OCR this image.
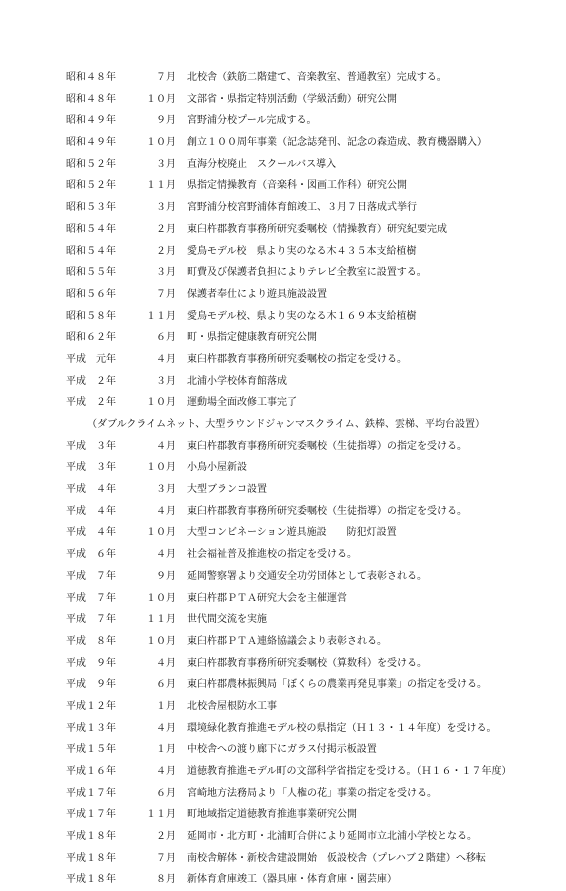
昭和４８年	７月 北校舎（鉄筋二階建て、音楽教室、普通教室）完成する。
昭和４８年	１０月 文部省・県指定特別活動（学級活動）研究公開
昭和４９年	９月 宮野浦分校プール完成する。
昭和４９年	１０月 創立１００周年事業（記念誌発刊、記念の森造成、教育機器購入）
昭和５２年	３月 直海分校廃止　スクールバス導入
昭和５２年	１１月 県指定情操教育（音楽科・図画工作科）研究公開
昭和５３年	３月 宮野浦分校宮野浦体育館竣工、３月７日落成式挙行
昭和５４年	２月 東臼杵郡教育事務所研究委嘱校（情操教育）研究紀要完成
昭和５４年	２月 愛鳥モデル校　県より実のなる木４３５本支給植樹
昭和５５年	３月 町費及び保護者負担によりテレビ全教室に設置する。
昭和５６年	７月 保護者奉仕により遊具施設設置
昭和５８年	１１月 愛鳥モデル校、県より実のなる木１６９本支給植樹
昭和６２年	６月 町・県指定健康教育研究公開
平成　元年	４月 東臼杵郡教育事務所研究委嘱校の指定を受ける。
平成　２年	３月 北浦小学校体育館落成
平成　２年	１０月 運動場全面改修工事完了
（ダブルクライムネット、大型ラウンドジャンマスクライム、鉄棒、雲梯、平均台設置）
平成　３年	４月 東臼杵郡教育事務所研究委嘱校（生徒指導）の指定を受ける。
平成　３年	１０月 小鳥小屋新設
平成　４年	３月 大型ブランコ設置
平成　４年	４月 東臼杵郡教育事務所研究委嘱校（生徒指導）の指定を受ける。
平成　４年	１０月 大型コンビネーション遊具施設　　防犯灯設置
平成　６年	４月 社会福祉普及推進校の指定を受ける。
平成　７年	９月 延岡警察署より交通安全功労団体として表彰される。
平成　７年	１０月 東臼杵郡ＰＴＡ研究大会を主催運営
平成　７年	１１月 世代間交流を実施
平成　８年	１０月 東臼杵郡ＰＴＡ連絡協議会より表彰される。
平成　９年	４月 東臼杵郡教育事務所研究委嘱校（算数科）を受ける。
平成　９年	６月 東臼杵郡農林振興局「ぼくらの農業再発見事業」の指定を受ける。
平成１２年	１月 北校舎屋根防水工事
平成１３年	４月 環境緑化教育推進モデル校の県指定（Ｈ１３・１４年度）を受ける。
平成１５年	１月 中校舎への渡り廊下にガラス付掲示板設置
平成１６年	４月 道徳教育推進モデル町の文部科学省指定を受ける。（Ｈ１６・１７年度）
平成１７年	６月 宮崎地方法務局より「人権の花」事業の指定を受ける。
平成１７年	１１月 町地域指定道徳教育推進事業研究公開
平成１８年	２月 延岡市・北方町・北浦町合併により延岡市立北浦小学校となる。
平成１８年	７月 南校舎解体・新校舎建設開始　仮設校舎（プレハブ２階建）へ移転
平成１８年	８月 新体育倉庫竣工（器具庫・体育倉庫・園芸庫）
